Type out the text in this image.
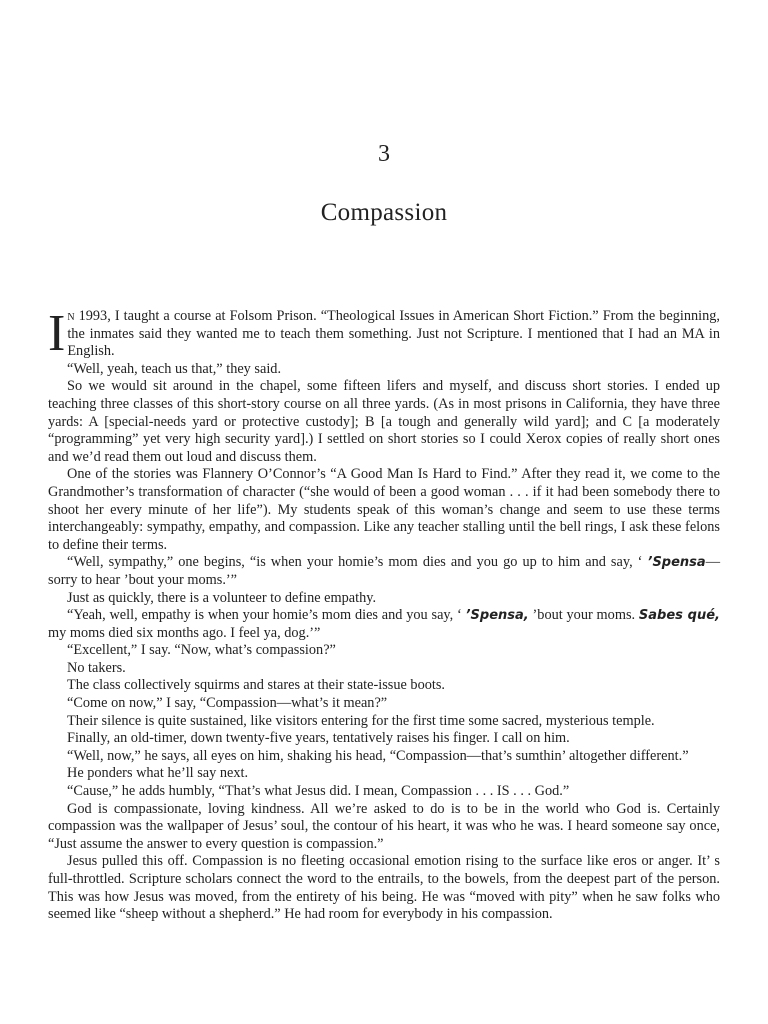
3
Compassion

In 1993, I taught a course at Folsom Prison. “Theological Issues in American Short Fiction.” From the beginning, the inmates said they wanted me to teach them something. Just not Scripture. I mentioned that I had an MA in English.

“Well, yeah, teach us that,” they said.

So we would sit around in the chapel, some fifteen lifers and myself, and discuss short stories. I ended up teaching three classes of this short-story course on all three yards. (As in most prisons in California, they have three yards: A [special-needs yard or protective custody]; B [a tough and generally wild yard]; and C [a moderately “programming” yet very high security yard].) I settled on short stories so I could Xerox copies of really short ones and we’d read them out loud and discuss them.

One of the stories was Flannery O’Connor’s “A Good Man Is Hard to Find.” After they read it, we come to the Grandmother’s transformation of character (“she would of been a good woman . . . if it had been somebody there to shoot her every minute of her life”). My students speak of this woman’s change and seem to use these terms interchangeably: sympathy, empathy, and compassion. Like any teacher stalling until the bell rings, I ask these felons to define their terms.

“Well, sympathy,” one begins, “is when your homie’s mom dies and you go up to him and say, ‘ ’Spensa— sorry to hear ’bout your moms.’”

Just as quickly, there is a volunteer to define empathy.

“Yeah, well, empathy is when your homie’s mom dies and you say, ‘ ’Spensa, ’bout your moms. Sabes qué, my moms died six months ago. I feel ya, dog.’”

“Excellent,” I say. “Now, what’s compassion?”

No takers.

The class collectively squirms and stares at their state-issue boots.

“Come on now,” I say, “Compassion—what’s it mean?”

Their silence is quite sustained, like visitors entering for the first time some sacred, mysterious temple.

Finally, an old-timer, down twenty-five years, tentatively raises his finger. I call on him.

“Well, now,” he says, all eyes on him, shaking his head, “Compassion—that’s sumthin’ altogether different.”

He ponders what he’ll say next.

“Cause,” he adds humbly, “That’s what Jesus did. I mean, Compassion . . . IS . . . God.”

God is compassionate, loving kindness. All we’re asked to do is to be in the world who God is. Certainly compassion was the wallpaper of Jesus’ soul, the contour of his heart, it was who he was. I heard someone say once, “Just assume the answer to every question is compassion.”

Jesus pulled this off. Compassion is no fleeting occasional emotion rising to the surface like eros or anger. It’ s full-throttled. Scripture scholars connect the word to the entrails, to the bowels, from the deepest part of the person. This was how Jesus was moved, from the entirety of his being. He was “moved with pity” when he saw folks who seemed like “sheep without a shepherd.” He had room for everybody in his compassion.
